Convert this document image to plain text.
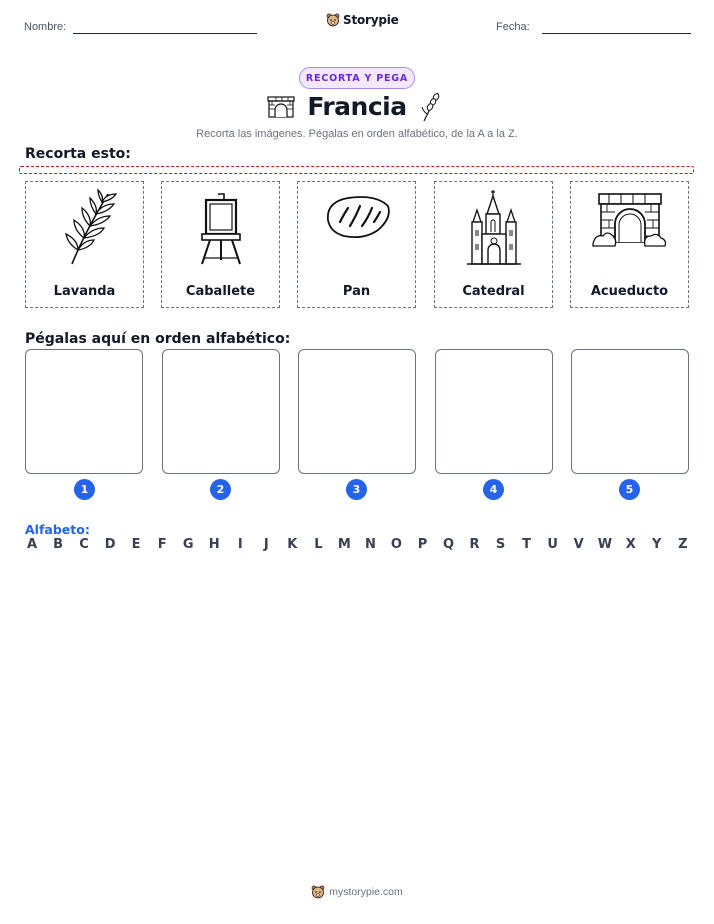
Nombre:	Storypie	Fecha:
RECORTA Y PEGA
Francia
Recorta las imágenes. Pégalas en orden alfabético, de la A a la Z.
Recorta esto:
Lavanda	Caballete	Pan	Catedral	Acueducto
Pégalas aquí en orden alfabético:
1	2	3	4	5
Alfabeto:
A B C D E F G H	I	J	K L M N O P Q R S T U V W X Y Z
mystorypie.com
